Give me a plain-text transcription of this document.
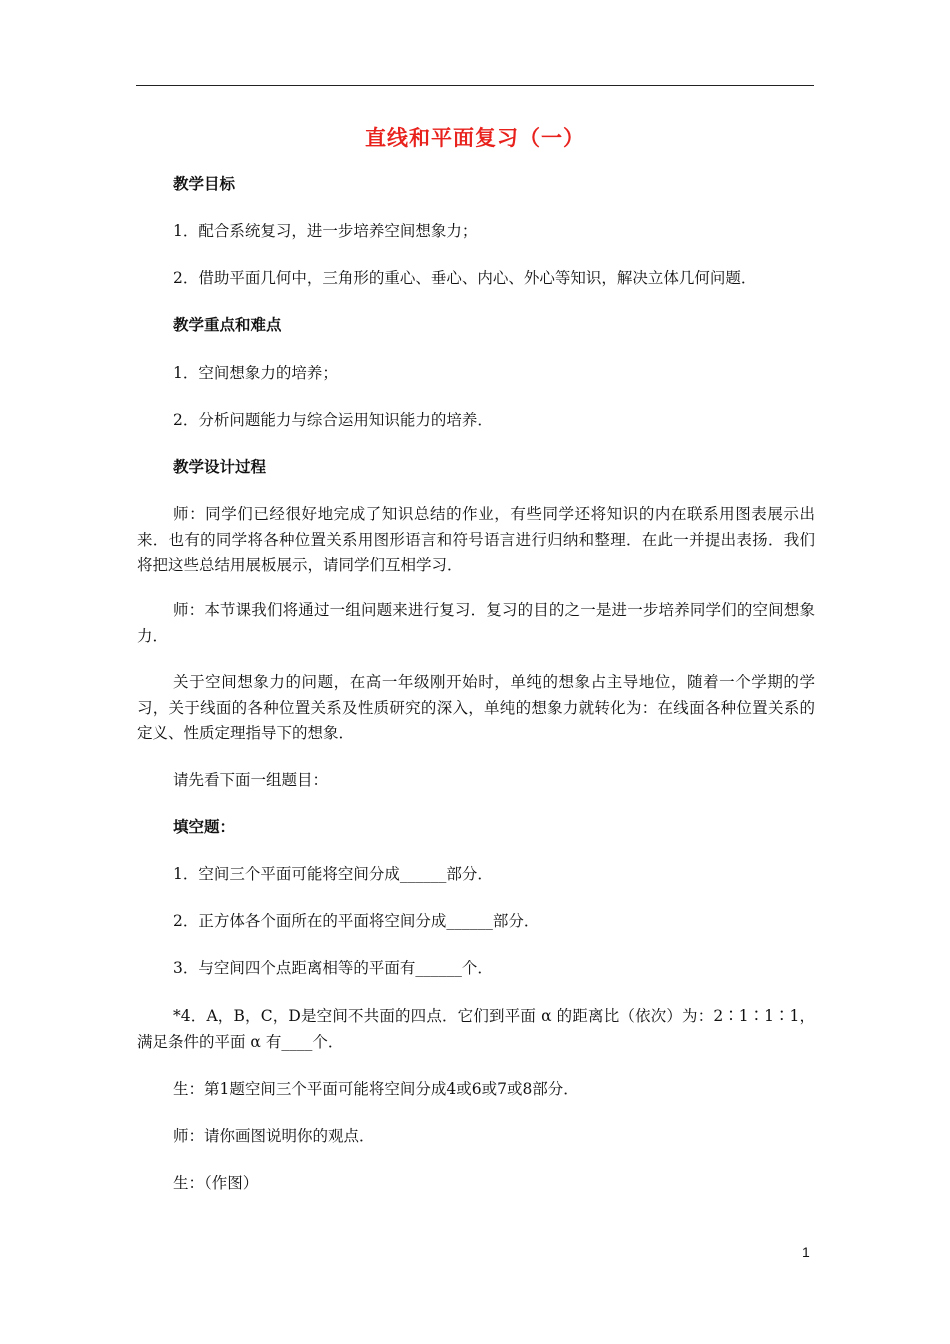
直线和平面复习（一）

教学目标

1．配合系统复习，进一步培养空间想象力；

2．借助平面几何中，三角形的重心、垂心、内心、外心等知识，解决立体几何问题．

教学重点和难点

1．空间想象力的培养；

2．分析问题能力与综合运用知识能力的培养．

教学设计过程

师：同学们已经很好地完成了知识总结的作业，有些同学还将知识的内在联系用图表展示出来．也有的同学将各种位置关系用图形语言和符号语言进行归纳和整理．在此一并提出表扬．我们将把这些总结用展板展示，请同学们互相学习．

师：本节课我们将通过一组问题来进行复习．复习的目的之一是进一步培养同学们的空间想象力．

关于空间想象力的问题，在高一年级刚开始时，单纯的想象占主导地位，随着一个学期的学习，关于线面的各种位置关系及性质研究的深入，单纯的想象力就转化为：在线面各种位置关系的定义、性质定理指导下的想象．

请先看下面一组题目：

填空题：

1．空间三个平面可能将空间分成______部分．

2．正方体各个面所在的平面将空间分成______部分．

3．与空间四个点距离相等的平面有______个．

*4．A，B，C，D是空间不共面的四点．它们到平面 α 的距离比（依次）为：2∶1∶1∶1，满足条件的平面 α 有____个．

生：第1题空间三个平面可能将空间分成4或6或7或8部分．

师：请你画图说明你的观点．

生：（作图）

1
